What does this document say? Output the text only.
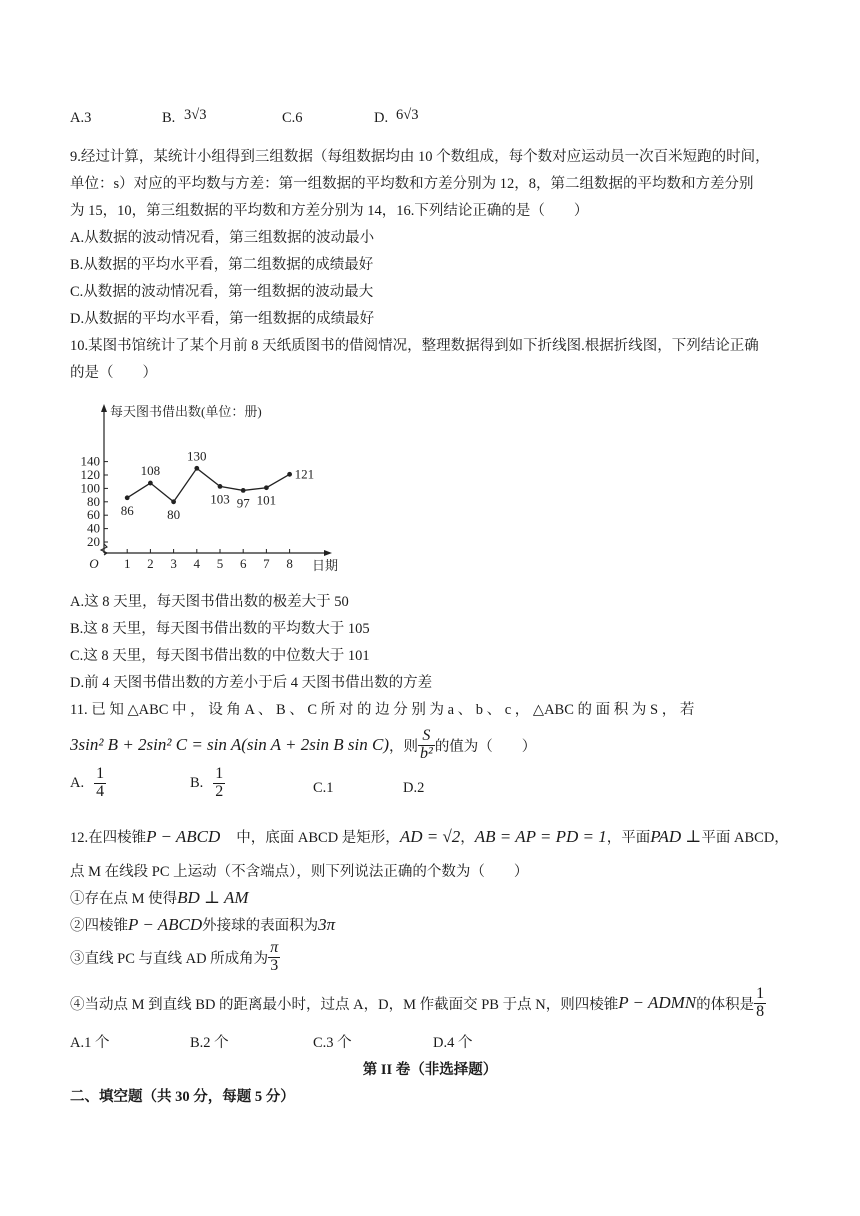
A.3	B. 3√3	C.6	D. 6√3
9.经过计算，某统计小组得到三组数据（每组数据均由 10 个数组成，每个数对应运动员一次百米短跑的时间，
单位：s）对应的平均数与方差：第一组数据的平均数和方差分别为 12，8，第二组数据的平均数和方差分别
为 15，10，第三组数据的平均数和方差分别为 14，16.下列结论正确的是（　　）
A.从数据的波动情况看，第三组数据的波动最小
B.从数据的平均水平看，第二组数据的成绩最好
C.从数据的波动情况看，第一组数据的波动最大
D.从数据的平均水平看，第一组数据的成绩最好
10.某图书馆统计了某个月前 8 天纸质图书的借阅情况，整理数据得到如下折线图.根据折线图，下列结论正确
的是（　　）
20
40
60
80
100
120
140
1 2 3 4 5 6 7 8
O	日期
每天图书借出数(单位：册)
86
108
80
130
103 97 101
121
A.这 8 天里，每天图书借出数的极差大于 50
B.这 8 天里，每天图书借出数的平均数大于 105
C.这 8 天里，每天图书借出数的中位数大于 101
D.前 4 天图书借出数的方差小于后 4 天图书借出数的方差
11. 已 知 △ABC 中 ， 设 角 A 、 B 、 C 所 对 的 边 分 别 为 a 、 b 、 c ， △ABC 的 面 积 为 S ， 若
3sin² B + 2sin² C = sin A(sin A + 2sin B sin C) ，则 $\frac{S}{\text{b²}}$ 的值为（　　）
A. $\frac{1}{4}$	B. $\frac{1}{2}$	C.1	D.2
12.在四棱锥 P − ABCD 中，底面 ABCD 是矩形， AD = √2 ， AB = AP = PD = 1 ，平面 PAD ⊥ 平面 ABCD，
点 M 在线段 PC 上运动（不含端点），则下列说法正确的个数为（　　）
①存在点 M 使得 BD ⊥ AM
②四棱锥 P − ABCD 外接球的表面积为 3π
③直线 PC 与直线 AD 所成角为 $\frac{\pi}{3}$
④当动点 M 到直线 BD 的距离最小时，过点 A，D，M 作截面交 PB 于点 N，则四棱锥 P − ADMN 的体积是 $\frac{1}{8}$
A.1 个	B.2 个	C.3 个	D.4 个
第 II 卷（非选择题）
二、填空题（共 30 分，每题 5 分）
